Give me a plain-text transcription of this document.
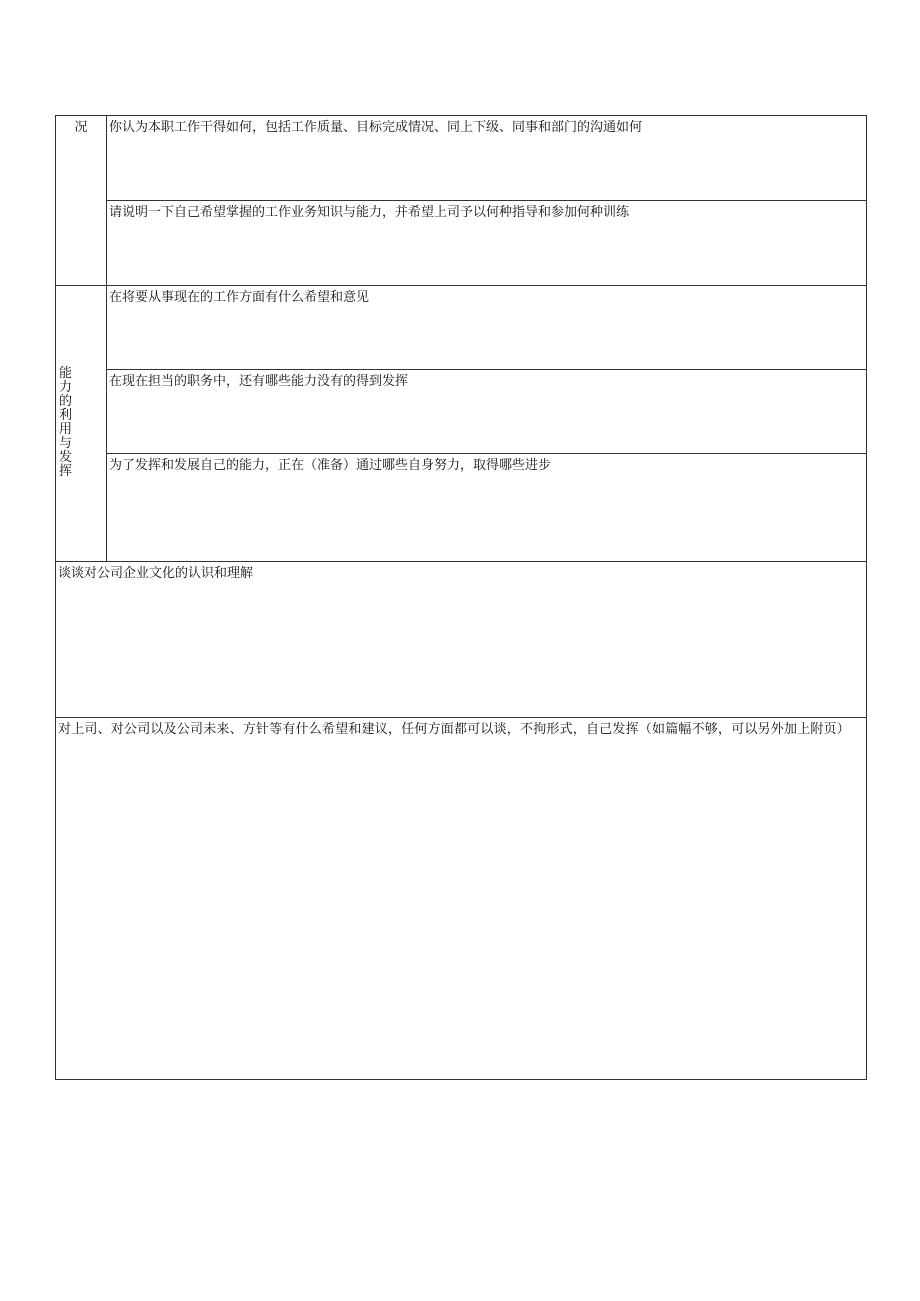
况	你认为本职工作干得如何，包括工作质量、目标完成情况、同上下级、同事和部门的沟通如何
	请说明一下自己希望掌握的工作业务知识与能力，并希望上司予以何种指导和参加何种训练
能力的利用与发挥	在将要从事现在的工作方面有什么希望和意见
	在现在担当的职务中，还有哪些能力没有的得到发挥
	为了发挥和发展自己的能力，正在（准备）通过哪些自身努力，取得哪些进步
谈谈对公司企业文化的认识和理解	
对上司、对公司以及公司未来、方针等有什么希望和建议，任何方面都可以谈，不拘形式，自己发挥（如篇幅不够，可以另外加上附页）	
